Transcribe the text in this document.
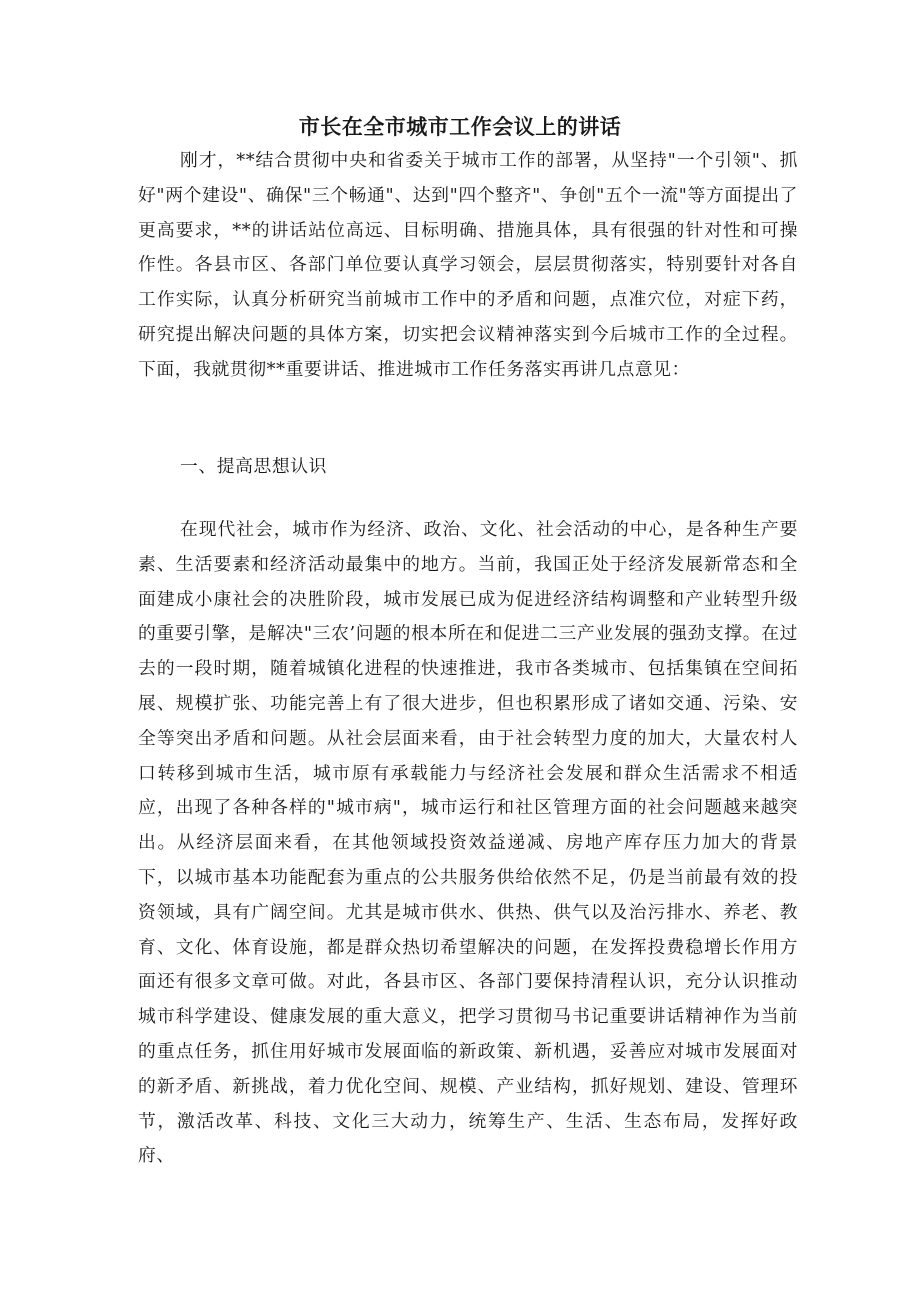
市长在全市城市工作会议上的讲话

刚才，**结合贯彻中央和省委关于城市工作的部署，从坚持"一个引领"、抓好"两个建设"、确保"三个畅通"、达到"四个整齐"、争创"五个一流"等方面提出了更高要求，**的讲话站位高远、目标明确、措施具体，具有很强的针对性和可操作性。各县市区、各部门单位要认真学习领会，层层贯彻落实，特别要针对各自工作实际，认真分析研究当前城市工作中的矛盾和问题，点准穴位，对症下药，研究提出解决问题的具体方案，切实把会议精神落实到今后城市工作的全过程。下面，我就贯彻**重要讲话、推进城市工作任务落实再讲几点意见：

一、提高思想认识

在现代社会，城市作为经济、政治、文化、社会活动的中心，是各种生产要素、生活要素和经济活动最集中的地方。当前，我国正处于经济发展新常态和全面建成小康社会的决胜阶段，城市发展已成为促进经济结构调整和产业转型升级的重要引擎，是解决"三农’问题的根本所在和促进二三产业发展的强劲支撑。在过去的一段时期，随着城镇化进程的快速推进，我市各类城市、包括集镇在空间拓展、规模扩张、功能完善上有了很大进步，但也积累形成了诸如交通、污染、安全等突出矛盾和问题。从社会层面来看，由于社会转型力度的加大，大量农村人口转移到城市生活，城市原有承载能力与经济社会发展和群众生活需求不相适应，出现了各种各样的"城市病"，城市运行和社区管理方面的社会问题越来越突出。从经济层面来看，在其他领域投资效益递减、房地产库存压力加大的背景下，以城市基本功能配套为重点的公共服务供给依然不足，仍是当前最有效的投资领域，具有广阔空间。尤其是城市供水、供热、供气以及治污排水、养老、教育、文化、体育设施，都是群众热切希望解决的问题，在发挥投费稳增长作用方面还有很多文章可做。对此，各县市区、各部门要保持清程认识，充分认识推动城市科学建设、健康发展的重大意义，把学习贯彻马书记重要讲话精神作为当前的重点任务，抓住用好城市发展面临的新政策、新机遇，妥善应对城市发展面对的新矛盾、新挑战，着力优化空间、规模、产业结构，抓好规划、建设、管理环节，激活改革、科技、文化三大动力，统筹生产、生活、生态布局，发挥好政府、
